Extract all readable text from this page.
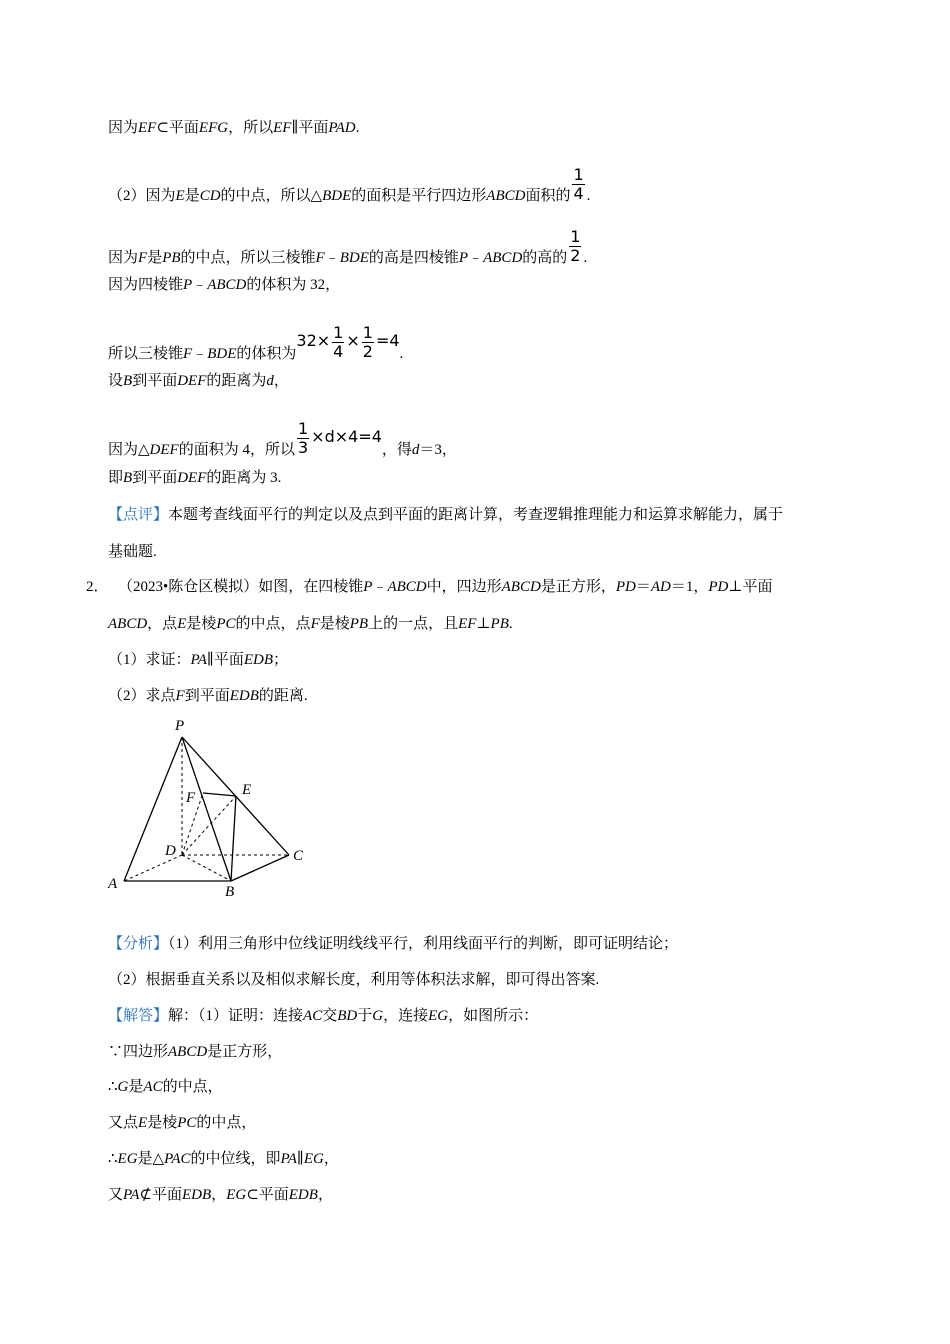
因为EF⊂平面EFG，所以EF∥平面PAD.
（2）因为E是CD的中点，所以△BDE的面积是平行四边形ABCD面积的 $\frac{1}{4}$ .
因为F是PB的中点，所以三棱锥F﹣BDE的高是四棱锥P﹣ABCD的高的 $\frac{1}{2}$ .
因为四棱锥P﹣ABCD的体积为 32，
所以三棱锥F﹣BDE的体积为$32\times \frac{1}{4} \times \frac{1}{2} =4$.
设B到平面DEF的距离为d，
因为△DEF的面积为 4，所以 $\frac{1}{3} \times d\times 4=4$，得d＝3，
即B到平面DEF的距离为 3.
【点评】本题考查线面平行的判定以及点到平面的距离计算，考查逻辑推理能力和运算求解能力，属于
基础题.
2． （2023•陈仓区模拟）如图，在四棱锥P﹣ABCD中，四边形ABCD是正方形，PD＝AD＝1，PD⊥平面
ABCD，点E是棱PC的中点，点F是棱PB上的一点，且EF⊥PB.
（1）求证：PA∥平面EDB；
（2）求点F到平面EDB的距离.
P
F	E
D	C
A	B
【分析】（1）利用三角形中位线证明线线平行，利用线面平行的判断，即可证明结论；
（2）根据垂直关系以及相似求解长度，利用等体积法求解，即可得出答案.
【解答】解：（1）证明：连接AC交BD于G，连接EG，如图所示：
∵四边形ABCD是正方形，
∴G是AC的中点，
又点E是棱PC的中点，
∴EG是△PAC的中位线，即PA∥EG，
又PA⊄平面EDB，EG⊂平面EDB，
